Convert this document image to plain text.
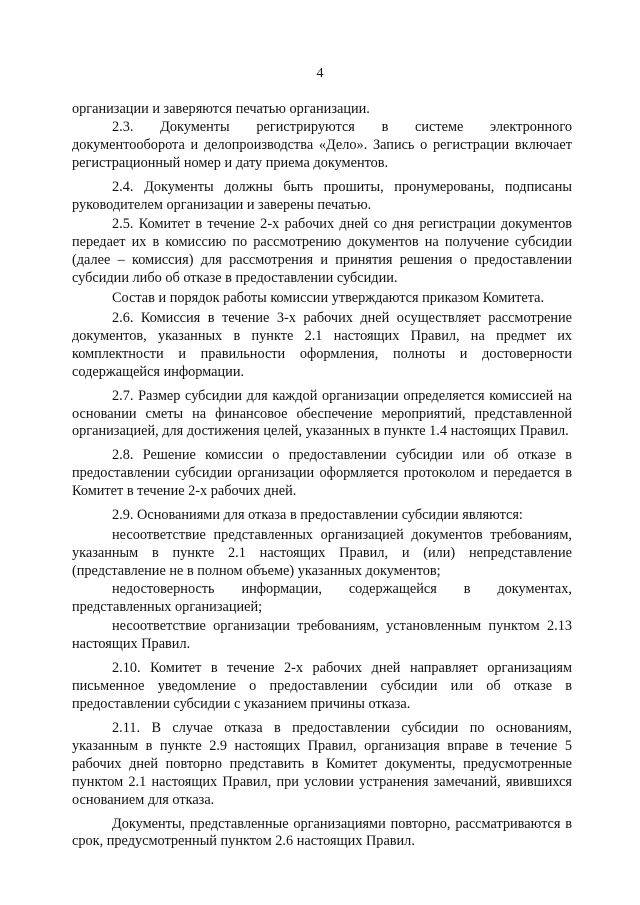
4

организации и заверяются печатью организации.

2.3. Документы регистрируются в системе электронного документооборота и делопроизводства «Дело». Запись о регистрации включает регистрационный номер и дату приема документов.

2.4. Документы должны быть прошиты, пронумерованы, подписаны руководителем организации и заверены печатью.

2.5. Комитет в течение 2-х рабочих дней со дня регистрации документов передает их в комиссию по рассмотрению документов на получение субсидии (далее – комиссия) для рассмотрения и принятия решения о предоставлении субсидии либо об отказе в предоставлении субсидии.

Состав и порядок работы комиссии утверждаются приказом Комитета.

2.6. Комиссия в течение 3-х рабочих дней осуществляет рассмотрение документов, указанных в пункте 2.1 настоящих Правил, на предмет их комплектности и правильности оформления, полноты и достоверности содержащейся информации.

2.7. Размер субсидии для каждой организации определяется комиссией на основании сметы на финансовое обеспечение мероприятий, представленной организацией, для достижения целей, указанных в пункте 1.4 настоящих Правил.

2.8. Решение комиссии о предоставлении субсидии или об отказе в предоставлении субсидии организации оформляется протоколом и передается в Комитет в течение 2-х рабочих дней.

2.9. Основаниями для отказа в предоставлении субсидии являются:

несоответствие представленных организацией документов требованиям, указанным в пункте 2.1 настоящих Правил, и (или) непредставление (представление не в полном объеме) указанных документов;

недостоверность информации, содержащейся в документах, представленных организацией;

несоответствие организации требованиям, установленным пунктом 2.13 настоящих Правил.

2.10. Комитет в течение 2-х рабочих дней направляет организациям письменное уведомление о предоставлении субсидии или об отказе в предоставлении субсидии с указанием причины отказа.

2.11. В случае отказа в предоставлении субсидии по основаниям, указанным в пункте 2.9 настоящих Правил, организация вправе в течение 5 рабочих дней повторно представить в Комитет документы, предусмотренные пунктом 2.1 настоящих Правил, при условии устранения замечаний, явившихся основанием для отказа.

Документы, представленные организациями повторно, рассматриваются в срок, предусмотренный пунктом 2.6 настоящих Правил.
